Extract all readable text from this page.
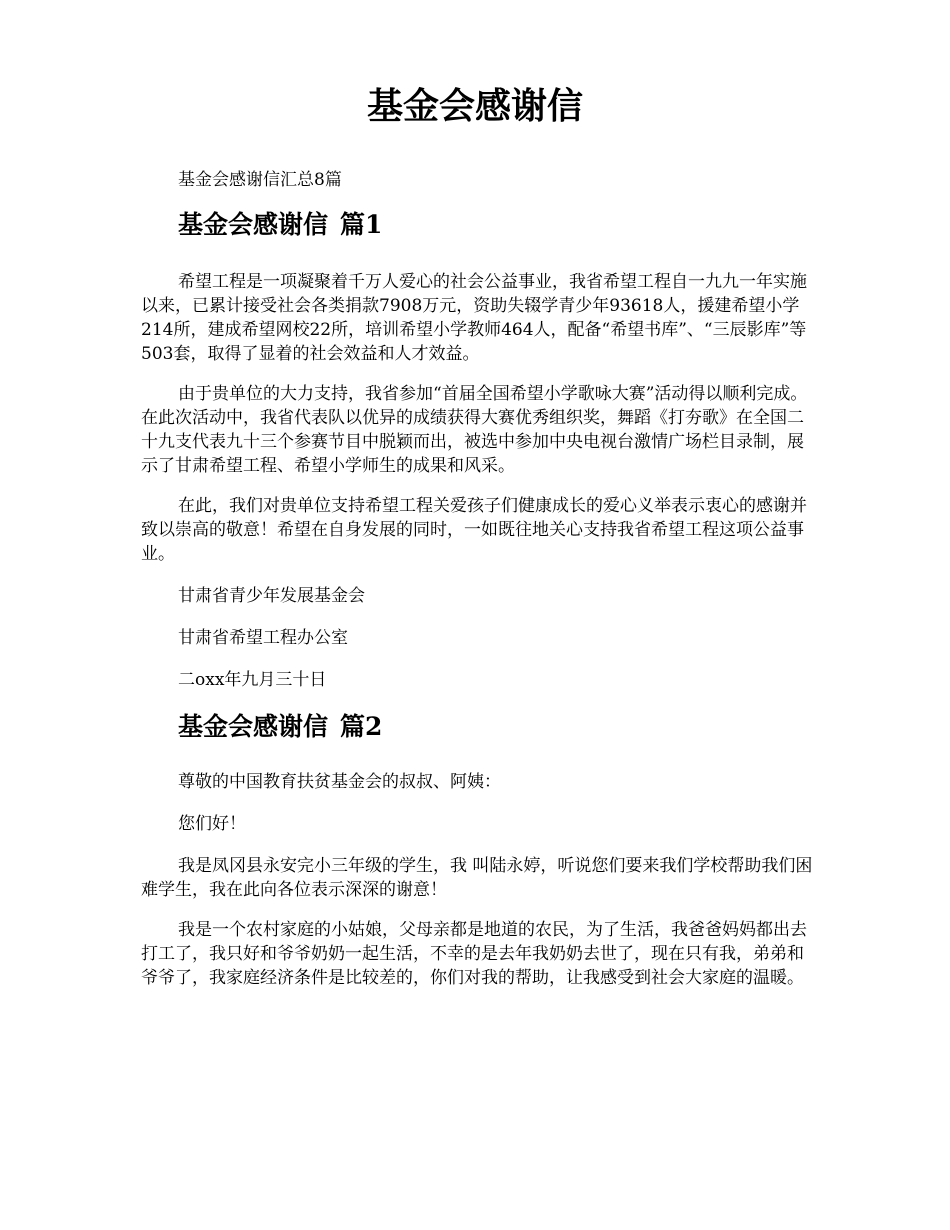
基金会感谢信

基金会感谢信汇总8篇

基金会感谢信 篇1

希望工程是一项凝聚着千万人爱心的社会公益事业，我省希望工程自一九九一年实施以来，已累计接受社会各类捐款7908万元，资助失辍学青少年93618人，援建希望小学214所，建成希望网校22所，培训希望小学教师464人，配备“希望书库”、“三辰影库”等503套，取得了显着的社会效益和人才效益。

由于贵单位的大力支持，我省参加“首届全国希望小学歌咏大赛”活动得以顺利完成。在此次活动中，我省代表队以优异的成绩获得大赛优秀组织奖，舞蹈《打夯歌》在全国二十九支代表九十三个参赛节目中脱颖而出，被选中参加中央电视台激情广场栏目录制，展示了甘肃希望工程、希望小学师生的成果和风采。

在此，我们对贵单位支持希望工程关爱孩子们健康成长的爱心义举表示衷心的感谢并致以崇高的敬意！希望在自身发展的同时，一如既往地关心支持我省希望工程这项公益事业。

甘肃省青少年发展基金会

甘肃省希望工程办公室

二oxx年九月三十日

基金会感谢信 篇2

尊敬的中国教育扶贫基金会的叔叔、阿姨：

您们好！

我是凤冈县永安完小三年级的学生，我 叫陆永婷，听说您们要来我们学校帮助我们困难学生，我在此向各位表示深深的谢意！

我是一个农村家庭的小姑娘，父母亲都是地道的农民，为了生活，我爸爸妈妈都出去打工了，我只好和爷爷奶奶一起生活，不幸的是去年我奶奶去世了，现在只有我，弟弟和爷爷了，我家庭经济条件是比较差的，你们对我的帮助，让我感受到社会大家庭的温暖。
